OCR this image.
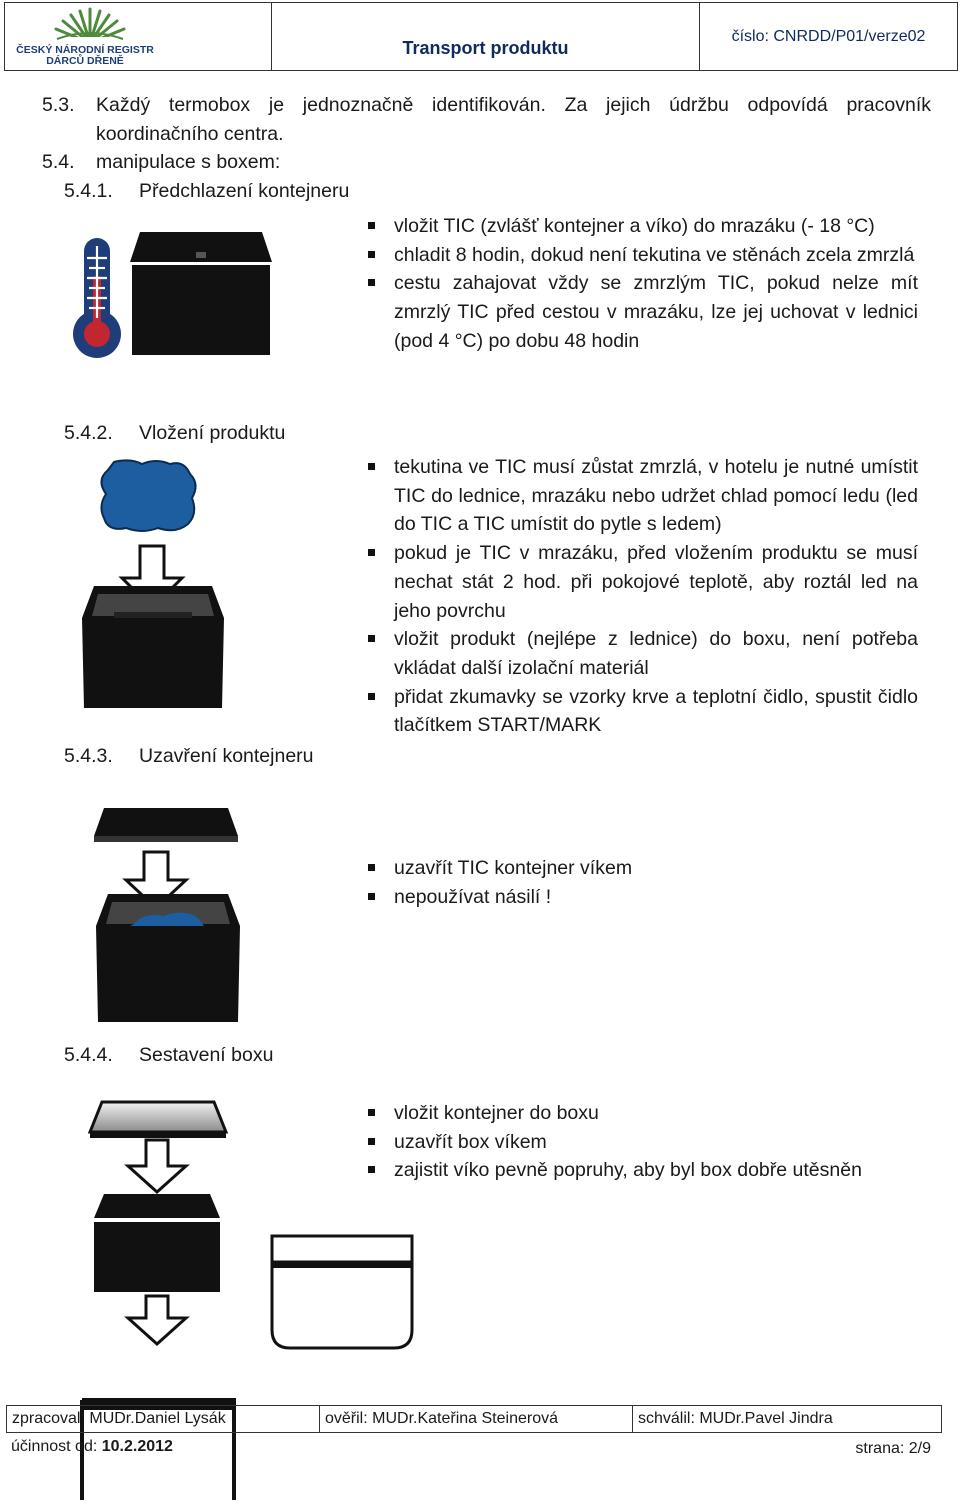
ČESKÝ NÁRODNÍ REGISTR
DÁRCŮ DŘENĚ
Transport produktu
číslo: CNRDD/P01/verze02
5.3. Každý termobox je jednoznačně identifikován. Za jejich údržbu odpovídá pracovník koordinačního centra.
5.4. manipulace s boxem:
5.4.1. Předchlazení kontejneru
vložit TIC (zvlášť kontejner a víko) do mrazáku (- 18 °C)
chladit 8 hodin, dokud není tekutina ve stěnách zcela zmrzlá
cestu zahajovat vždy se zmrzlým TIC, pokud nelze mít zmrzlý TIC před cestou v mrazáku, lze jej uchovat v lednici (pod 4 °C) po dobu 48 hodin
5.4.2. Vložení produktu
tekutina ve TIC musí zůstat zmrzlá, v hotelu je nutné umístit TIC do lednice, mrazáku nebo udržet chlad pomocí ledu (led do TIC a TIC umístit do pytle s ledem)
pokud je TIC v mrazáku, před vložením produktu se musí nechat stát 2 hod. při pokojové teplotě, aby roztál led na jeho povrchu
vložit produkt (nejlépe z lednice) do boxu, není potřeba vkládat další izolační materiál
přidat zkumavky se vzorky krve a teplotní čidlo, spustit čidlo tlačítkem START/MARK
5.4.3. Uzavření kontejneru
uzavřít TIC kontejner víkem
nepoužívat násilí !
5.4.4. Sestavení boxu
vložit kontejner do boxu
uzavřít box víkem
zajistit víko pevně popruhy, aby byl box dobře utěsněn
zpracoval: MUDr.Daniel Lysák	ověřil: MUDr.Kateřina Steinerová	schválil: MUDr.Pavel Jindra
účinnost od: 10.2.2012	strana: 2/9
